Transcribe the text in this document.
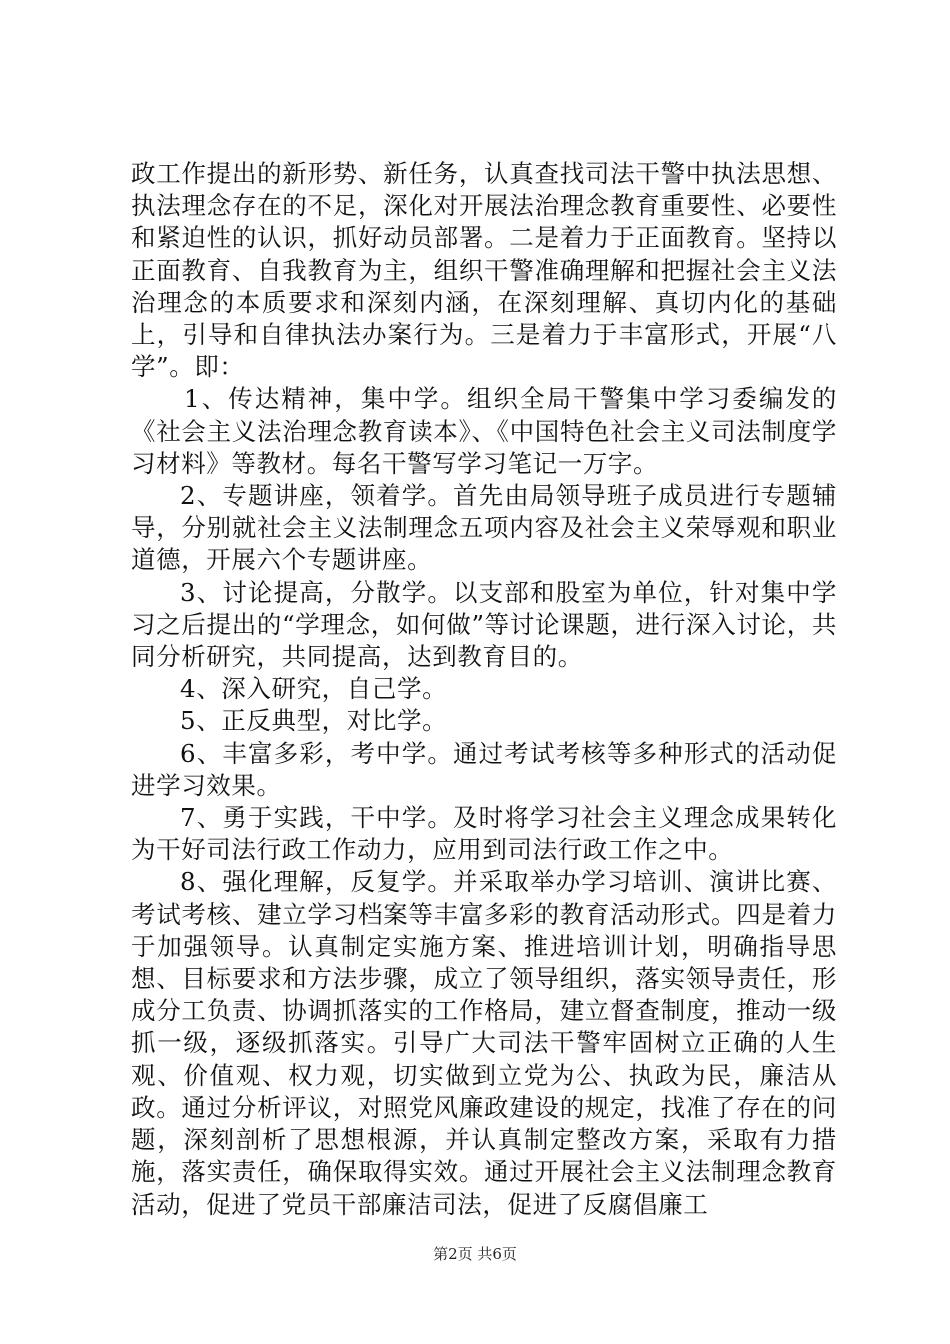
政工作提出的新形势、新任务，认真查找司法干警中执法思想、执法理念存在的不足，深化对开展法治理念教育重要性、必要性和紧迫性的认识，抓好动员部署。二是着力于正面教育。坚持以正面教育、自我教育为主，组织干警准确理解和把握社会主义法治理念的本质要求和深刻内涵，在深刻理解、真切内化的基础上，引导和自律执法办案行为。三是着力于丰富形式，开展“八学”。即：

1、传达精神，集中学。组织全局干警集中学习委编发的《社会主义法治理念教育读本》、《中国特色社会主义司法制度学习材料》等教材。每名干警写学习笔记一万字。

2、专题讲座，领着学。首先由局领导班子成员进行专题辅导，分别就社会主义法制理念五项内容及社会主义荣辱观和职业道德，开展六个专题讲座。

3、讨论提高，分散学。以支部和股室为单位，针对集中学习之后提出的“学理念，如何做”等讨论课题，进行深入讨论，共同分析研究，共同提高，达到教育目的。

4、深入研究，自己学。

5、正反典型，对比学。

6、丰富多彩，考中学。通过考试考核等多种形式的活动促进学习效果。

7、勇于实践，干中学。及时将学习社会主义理念成果转化为干好司法行政工作动力，应用到司法行政工作之中。

8、强化理解，反复学。并采取举办学习培训、演讲比赛、考试考核、建立学习档案等丰富多彩的教育活动形式。四是着力于加强领导。认真制定实施方案、推进培训计划，明确指导思想、目标要求和方法步骤，成立了领导组织，落实领导责任，形成分工负责、协调抓落实的工作格局，建立督查制度，推动一级抓一级，逐级抓落实。引导广大司法干警牢固树立正确的人生观、价值观、权力观，切实做到立党为公、执政为民，廉洁从政。通过分析评议，对照党风廉政建设的规定，找准了存在的问题，深刻剖析了思想根源，并认真制定整改方案，采取有力措施，落实责任，确保取得实效。通过开展社会主义法制理念教育活动，促进了党员干部廉洁司法，促进了反腐倡廉工

第2页 共6页
